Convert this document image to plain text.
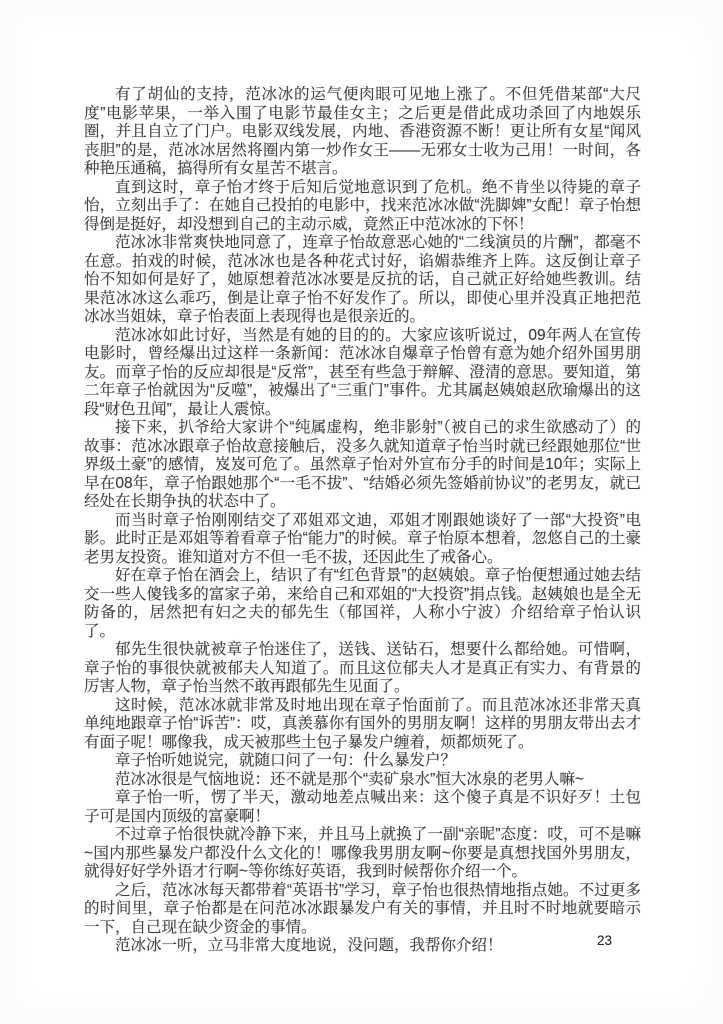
有了胡仙的支持，范冰冰的运气便肉眼可见地上涨了。不但凭借某部“大尺度”电影苹果，一举入围了电影节最佳女主；之后更是借此成功杀回了内地娱乐圈，并且自立了门户。电影双线发展，内地、香港资源不断！更让所有女星“闻风丧胆”的是，范冰冰居然将圈内第一炒作女王——无邪女士收为己用！一时间，各种艳压通稿，搞得所有女星苦不堪言。

直到这时，章子怡才终于后知后觉地意识到了危机。绝不肯坐以待毙的章子怡，立刻出手了：在她自己投拍的电影中，找来范冰冰做“洗脚婢”女配！章子怡想得倒是挺好，却没想到自己的主动示威，竟然正中范冰冰的下怀！

范冰冰非常爽快地同意了，连章子怡故意恶心她的“二线演员的片酬”，都毫不在意。拍戏的时候，范冰冰也是各种花式讨好，谄媚恭维齐上阵。这反倒让章子怡不知如何是好了，她原想着范冰冰要是反抗的话，自己就正好给她些教训。结果范冰冰这么乖巧，倒是让章子怡不好发作了。所以，即使心里并没真正地把范冰冰当姐妹，章子怡表面上表现得也是很亲近的。

范冰冰如此讨好，当然是有她的目的的。大家应该听说过，09年两人在宣传电影时，曾经爆出过这样一条新闻：范冰冰自爆章子怡曾有意为她介绍外国男朋友。而章子怡的反应却很是“反常”，甚至有些急于辩解、澄清的意思。要知道，第二年章子怡就因为“反噬”，被爆出了“三重门”事件。尤其属赵姨娘赵欣瑜爆出的这段“财色丑闻”，最让人震惊。

接下来，扒爷给大家讲个“纯属虚构，绝非影射”（被自己的求生欲感动了）的故事：范冰冰跟章子怡故意接触后，没多久就知道章子怡当时就已经跟她那位“世界级土豪”的感情，岌岌可危了。虽然章子怡对外宣布分手的时间是10年；实际上早在08年，章子怡跟她那个“一毛不拔”、“结婚必须先签婚前协议”的老男友，就已经处在长期争执的状态中了。

而当时章子怡刚刚结交了邓姐邓文迪，邓姐才刚跟她谈好了一部“大投资”电影。此时正是邓姐等着看章子怡“能力”的时候。章子怡原本想着，忽悠自己的土豪老男友投资。谁知道对方不但一毛不拔，还因此生了戒备心。

好在章子怡在酒会上，结识了有“红色背景”的赵姨娘。章子怡便想通过她去结交一些人傻钱多的富家子弟，来给自己和邓姐的“大投资”捐点钱。赵姨娘也是全无防备的，居然把有妇之夫的郁先生（郁国祥，人称小宁波）介绍给章子怡认识了。

郁先生很快就被章子怡迷住了，送钱、送钻石，想要什么都给她。可惜啊，章子怡的事很快就被郁夫人知道了。而且这位郁夫人才是真正有实力、有背景的厉害人物，章子怡当然不敢再跟郁先生见面了。

这时候，范冰冰就非常及时地出现在章子怡面前了。而且范冰冰还非常天真单纯地跟章子怡“诉苦”：哎，真羡慕你有国外的男朋友啊！这样的男朋友带出去才有面子呢！哪像我，成天被那些土包子暴发户缠着，烦都烦死了。

章子怡听她说完，就随口问了一句：什么暴发户？

范冰冰很是气恼地说：还不就是那个“卖矿泉水”恒大冰泉的老男人嘛~

章子怡一听，愣了半天，激动地差点喊出来：这个傻子真是不识好歹！土包子可是国内顶级的富豪啊！

不过章子怡很快就冷静下来，并且马上就换了一副“亲昵”态度：哎，可不是嘛~国内那些暴发户都没什么文化的！哪像我男朋友啊~你要是真想找国外男朋友，就得好好学外语才行啊~等你练好英语，我到时候帮你介绍一个。

之后，范冰冰每天都带着“英语书”学习，章子怡也很热情地指点她。不过更多的时间里，章子怡都是在问范冰冰跟暴发户有关的事情，并且时不时地就要暗示一下，自己现在缺少资金的事情。

范冰冰一听，立马非常大度地说，没问题，我帮你介绍！	23
